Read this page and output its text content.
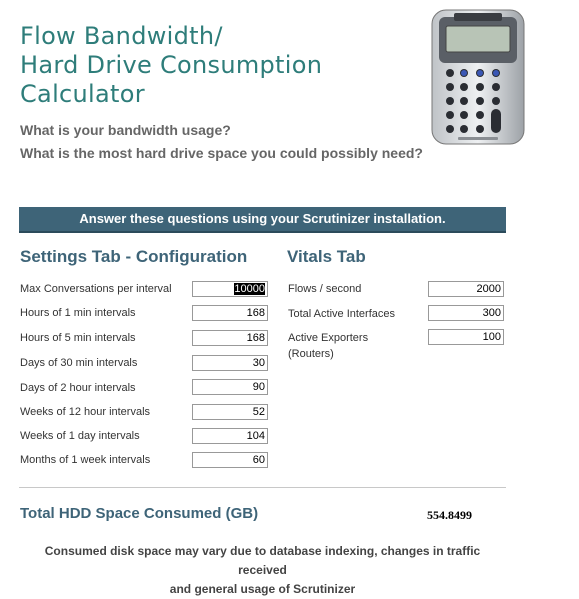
Flow Bandwidth/
Hard Drive Consumption
Calculator
What is your bandwidth usage?
What is the most hard drive space you could possibly need?
Answer these questions using your Scrutinizer installation.
Settings Tab - Configuration Vitals Tab
Max Conversations per interval	10000
Hours of 1 min intervals	168
Hours of 5 min intervals	168
Days of 30 min intervals	30
Days of 2 hour intervals	90
Weeks of 12 hour intervals	52
Weeks of 1 day intervals	104
Months of 1 week intervals	60
Flows / second	2000
Total Active Interfaces	300
Active Exporters
(Routers)
100
Total HDD Space Consumed (GB)	554.8499
Consumed disk space may vary due to database indexing, changes in traffic received
and general usage of Scrutinizer
